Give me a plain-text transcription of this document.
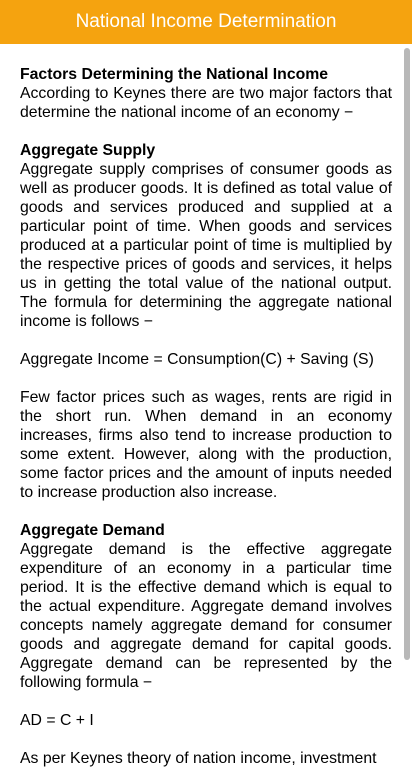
National Income Determination
Factors Determining the National Income
According to Keynes there are two major factors that determine the national income of an economy −
Aggregate Supply
Aggregate supply comprises of consumer goods as well as producer goods. It is defined as total value of goods and services produced and supplied at a particular point of time. When goods and services produced at a particular point of time is multiplied by the respective prices of goods and services, it helps us in getting the total value of the national output. The formula for determining the aggregate national income is follows −
Aggregate Income = Consumption(C) + Saving (S)
Few factor prices such as wages, rents are rigid in the short run. When demand in an economy increases, firms also tend to increase production to some extent. However, along with the production, some factor prices and the amount of inputs needed to increase production also increase.
Aggregate Demand
Aggregate demand is the effective aggregate expenditure of an economy in a particular time period. It is the effective demand which is equal to the actual expenditure. Aggregate demand involves concepts namely aggregate demand for consumer goods and aggregate demand for capital goods. Aggregate demand can be represented by the following formula −
AD = C + I
As per Keynes theory of nation income, investment
